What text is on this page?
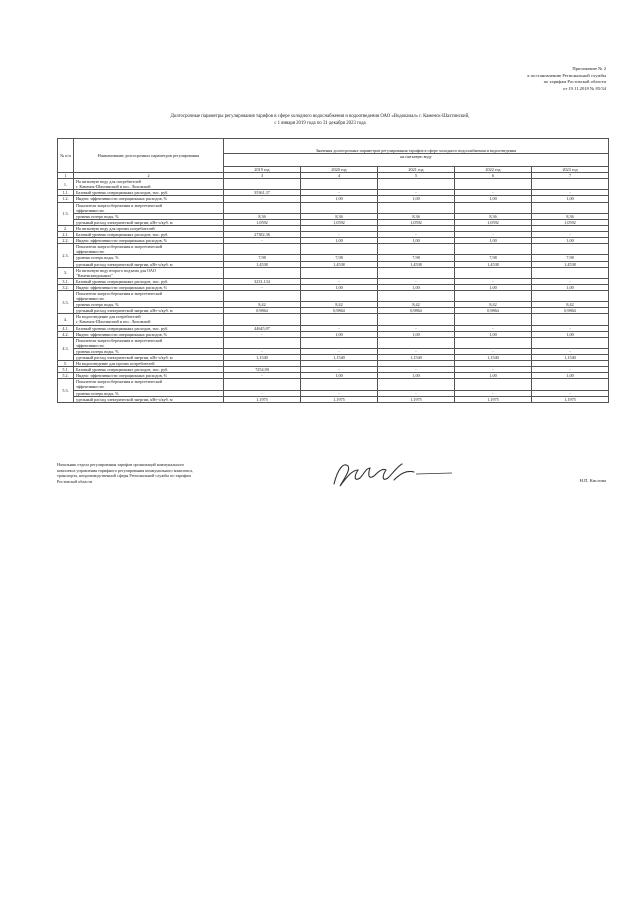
Приложение № 2
к постановлению Региональной службы
по тарифам Ростовской области
от 19.11.2018 № 85/34
Долгосрочные параметры регулирования тарифов в сфере холодного водоснабжения и водоотведения ОАО «Водоканал» г. Каменск-Шахтинский,
с 1 января 2019 года по 31 декабря 2023 года
№ п/п	Наименование долгосрочных параметров регулирования	Значения долгосрочных параметров регулирования тарифов в сфере холодного водоснабжения и водоотведения				
		на питьевую воду				
		2019 год	2020 год	2021 год	2022 год	2023 год
1	2	3	4	5	6	7
1.	На питьевую воду для потребителей
г. Каменск-Шахтинский и пос. Лиховской					

1.1.	Базовый уровень операционных расходов, тыс. руб.	35361,37	-	-	-	-
1.2.	Индекс эффективности операционных расходов, %	-	1,00	1,00	1,00	1,00
1.3.	Показатели энергосбережения и энергетической
эффективности:					

	уровень потерь воды, %	8,36	8,36	8,36	8,36	8,36
	удельный расход электрической энергии, кВт·ч/куб. м	1,0592	1,0592	1,0592	1,0592	1,0592
2.	На питьевую воду для прочих потребителей					

2.1.	Базовый уровень операционных расходов, тыс. руб.	27382,36	-	-	-	-
2.2.	Индекс эффективности операционных расходов, %	-	1,00	1,00	1,00	1,00
2.3.	Показатели энергосбережения и энергетической
эффективности:					

	уровень потерь воды, %	7,98	7,98	7,98	7,98	7,98
	удельный расход электрической энергии, кВт·ч/куб. м	1,4538	1,4538	1,4538	1,4538	1,4538
3.	На питьевую воду второго подъема для ОАО
"Каменскводоканал"					

3.1.	Базовый уровень операционных расходов, тыс. руб.	3231,134	-	-	-	-
3.2.	Индекс эффективности операционных расходов, %	-	1,00	1,00	1,00	1,00
3.3.	Показатели энергосбережения и энергетической
эффективности:					

	уровень потерь воды, %	8,42	8,42	8,42	8,42	8,42
	удельный расход электрической энергии, кВт·ч/куб. м	0,9864	0,9864	0,9864	0,9864	0,9864
4.	На водоотведение для потребителей
г. Каменск-Шахтинский и пос. Лиховской					

4.1.	Базовый уровень операционных расходов, тыс. руб.	44645,97	-	-	-	-
4.2.	Индекс эффективности операционных расходов, %	-	1,00	1,00	1,00	1,00
4.3.	Показатели энергосбережения и энергетической
эффективности:					

	уровень потерь воды, %	-	-	-	-	-
	удельный расход электрической энергии, кВт·ч/куб. м	1,1540	1,1540	1,1540	1,1540	1,1540
5.	На водоотведение для прочих потребителей					

5.1.	Базовый уровень операционных расходов, тыс. руб.	7254,90	-	-	-	-
5.2.	Индекс эффективности операционных расходов, %	-	1,00	1,00	1,00	1,00
5.3.	Показатели энергосбережения и энергетической
эффективности:					

	уровень потерь воды, %	-	-	-	-	-
	удельный расход электрической энергии, кВт·ч/куб. м	1,1975	1,1975	1,1975	1,1975	1,1975
Начальник отдела регулирования тарифов организаций коммунального
комплекса управления тарифного регулирования коммунального комплекса,
транспорта, непроизводственной сферы Региональной службы по тарифам
Ростовской области	Н.П. Кислова
